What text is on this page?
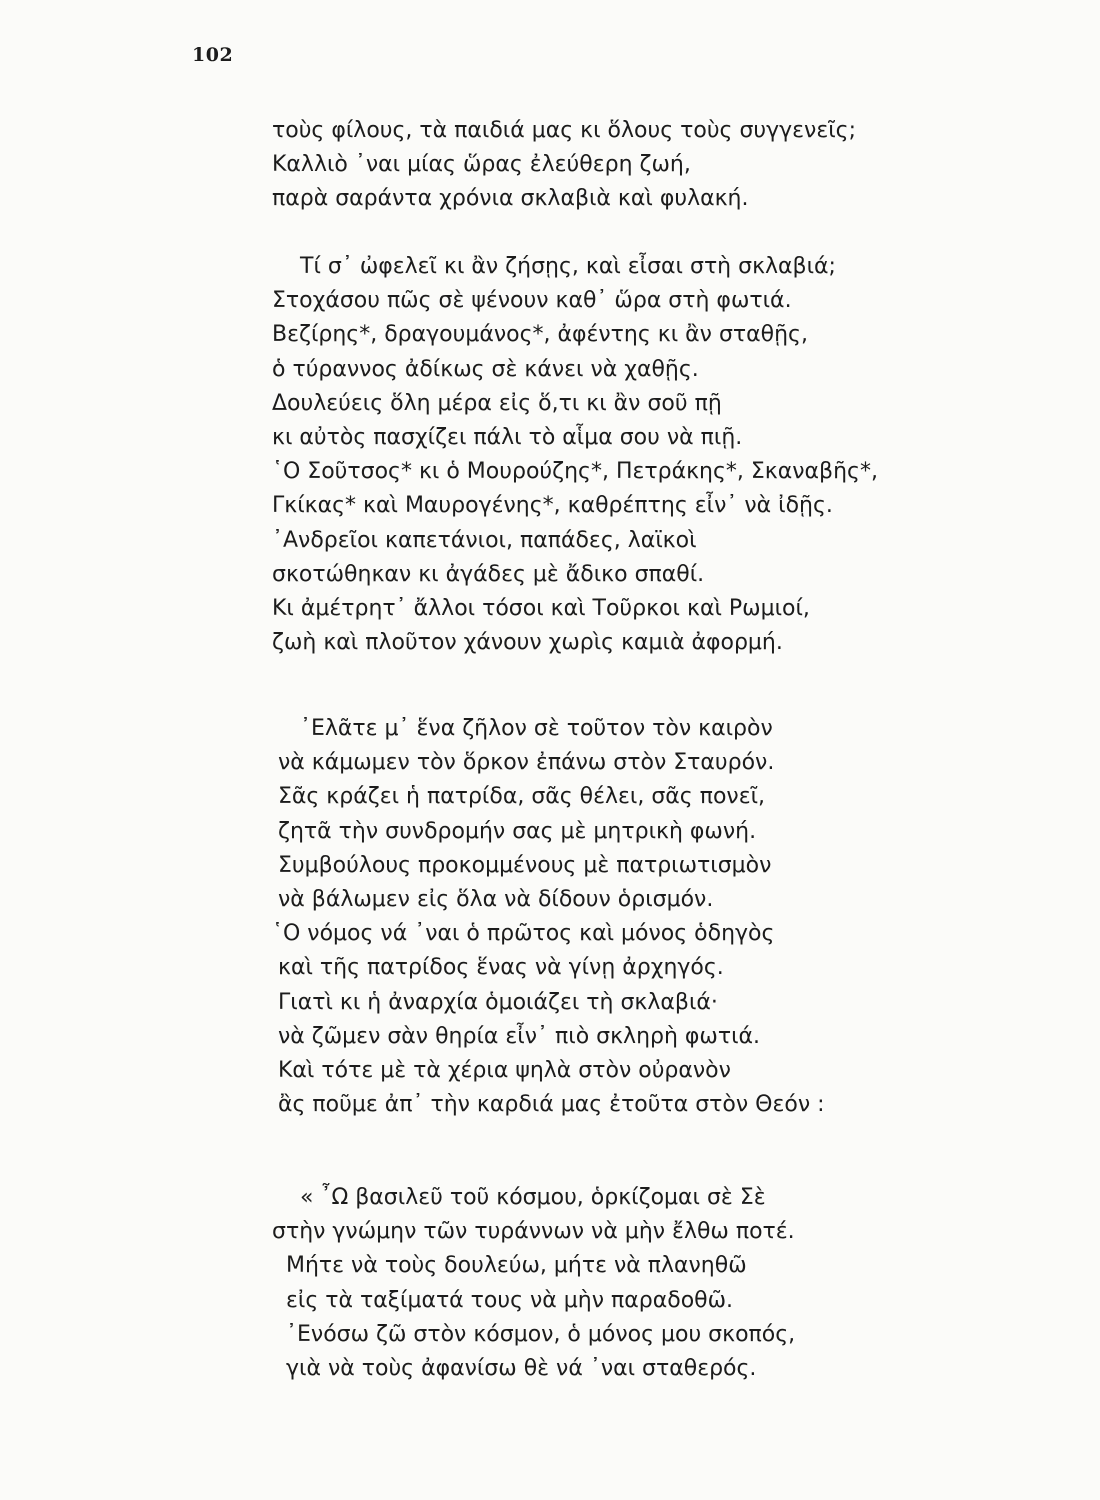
102
τοὺς φίλους, τὰ παιδιά μας κι ὅλους τοὺς συγγενεῖς;
Καλλιὸ ᾽ναι μίας ὥρας ἐλεύθερη ζωή,
παρὰ σαράντα χρόνια σκλαβιὰ καὶ φυλακή.
Τί σ᾽ ὠφελεῖ κι ἂν ζήσῃς, καὶ εἶσαι στὴ σκλαβιά;
Στοχάσου πῶς σὲ ψένουν καθ᾽ ὥρα στὴ φωτιά.
Βεζίρης*, δραγουμάνος*, ἀφέντης κι ἂν σταθῇς,
ὁ τύραννος ἀδίκως σὲ κάνει νὰ χαθῇς.
Δουλεύεις ὅλη μέρα εἰς ὅ,τι κι ἂν σοῦ πῇ
κι αὐτὸς πασχίζει πάλι τὸ αἷμα σου νὰ πιῇ.
῾Ο Σοῦτσος* κι ὁ Μουρούζης*, Πετράκης*, Σκαναβῆς*,
Γκίκας* καὶ Μαυρογένης*, καθρέπτης εἶν᾽ νὰ ἰδῇς.
᾽Ανδρεῖοι καπετάνιοι, παπάδες, λαϊκοὶ
σκοτώθηκαν κι ἀγάδες μὲ ἄδικο σπαθί.
Κι ἀμέτρητ᾽ ἄλλοι τόσοι καὶ Τοῦρκοι καὶ Ρωμιοί,
ζωὴ καὶ πλοῦτον χάνουν χωρὶς καμιὰ ἀφορμή.
᾽Ελᾶτε μ᾽ ἕνα ζῆλον σὲ τοῦτον τὸν καιρὸν
νὰ κάμωμεν τὸν ὅρκον ἐπάνω στὸν Σταυρόν.
Σᾶς κράζει ἡ πατρίδα, σᾶς θέλει, σᾶς πονεῖ,
ζητᾶ τὴν συνδρομήν σας μὲ μητρικὴ φωνή.
Συμβούλους προκομμένους μὲ πατριωτισμὸν
νὰ βάλωμεν εἰς ὅλα νὰ δίδουν ὁρισμόν.
῾Ο νόμος νά ᾽ναι ὁ πρῶτος καὶ μόνος ὁδηγὸς
καὶ τῆς πατρίδος ἕνας νὰ γίνῃ ἀρχηγός.
Γιατὶ κι ἡ ἀναρχία ὁμοιάζει τὴ σκλαβιά·
νὰ ζῶμεν σὰν θηρία εἶν᾽ πιὸ σκληρὴ φωτιά.
Καὶ τότε μὲ τὰ χέρια ψηλὰ στὸν οὐρανὸν
ἂς ποῦμε ἀπ᾽ τὴν καρδιά μας ἐτοῦτα στὸν Θεόν :
« ῏Ω βασιλεῦ τοῦ κόσμου, ὁρκίζομαι σὲ Σὲ
στὴν γνώμην τῶν τυράννων νὰ μὴν ἔλθω ποτέ.
Μήτε νὰ τοὺς δουλεύω, μήτε νὰ πλανηθῶ
εἰς τὰ ταξίματά τους νὰ μὴν παραδοθῶ.
᾽Ενόσω ζῶ στὸν κόσμον, ὁ μόνος μου σκοπός,
γιὰ νὰ τοὺς ἀφανίσω θὲ νά ᾽ναι σταθερός.
